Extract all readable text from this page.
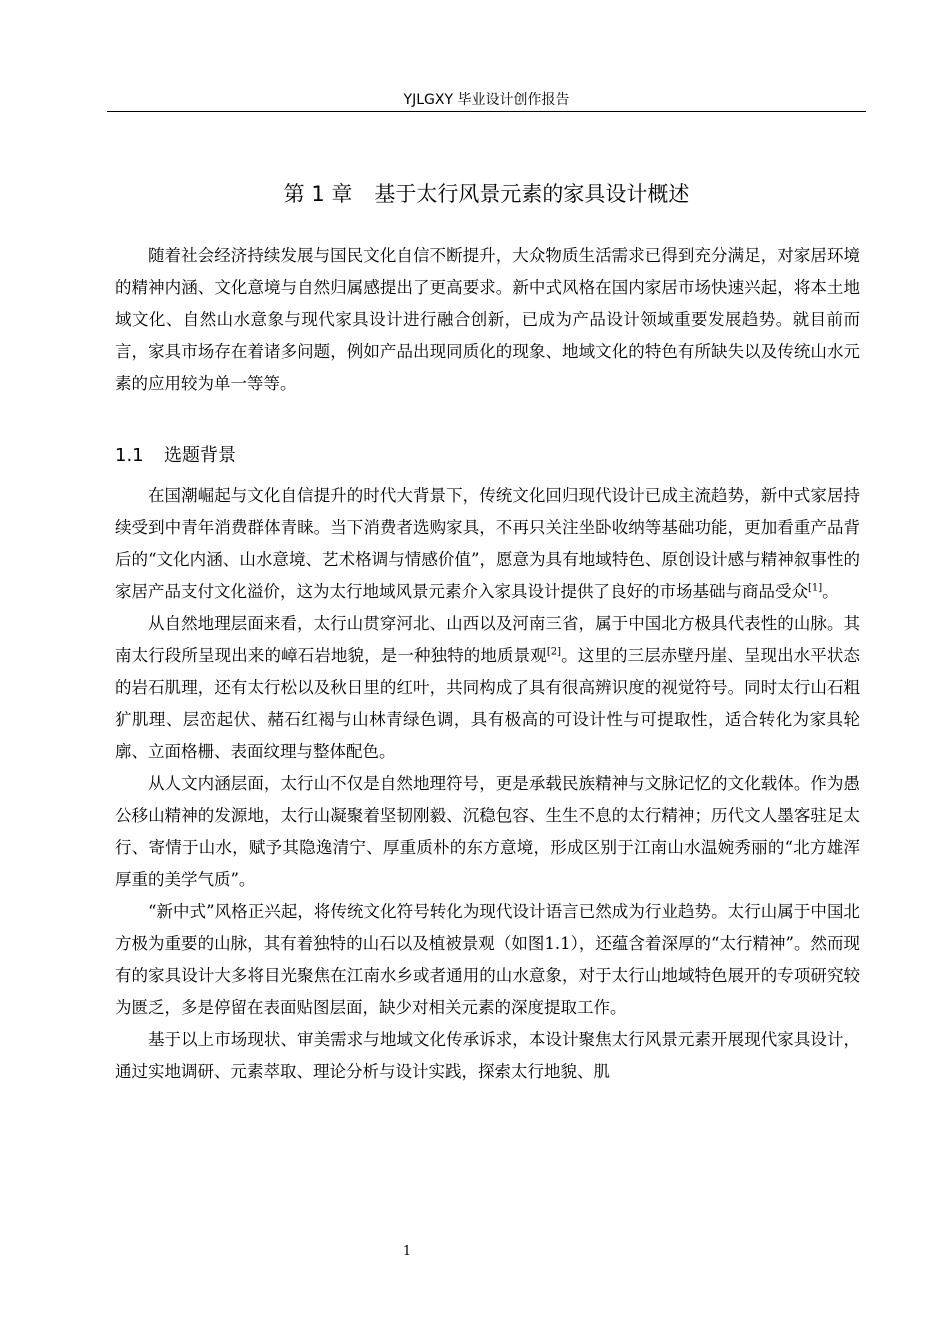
YJLGXY 毕业设计创作报告
第 1 章 基于太行风景元素的家具设计概述

随着社会经济持续发展与国民文化自信不断提升，大众物质生活需求已得到充分满足，对家居环境的精神内涵、文化意境与自然归属感提出了更高要求。新中式风格在国内家居市场快速兴起，将本土地域文化、自然山水意象与现代家具设计进行融合创新，已成为产品设计领域重要发展趋势。就目前而言，家具市场存在着诸多问题，例如产品出现同质化的现象、地域文化的特色有所缺失以及传统山水元素的应用较为单一等等。

1.1 选题背景

在国潮崛起与文化自信提升的时代大背景下，传统文化回归现代设计已成主流趋势，新中式家居持续受到中青年消费群体青睐。当下消费者选购家具，不再只关注坐卧收纳等基础功能，更加看重产品背后的“文化内涵、山水意境、艺术格调与情感价值”，愿意为具有地域特色、原创设计感与精神叙事性的家居产品支付文化溢价，这为太行地域风景元素介入家具设计提供了良好的市场基础与商品受众[1]。

从自然地理层面来看，太行山贯穿河北、山西以及河南三省，属于中国北方极具代表性的山脉。其南太行段所呈现出来的嶂石岩地貌，是一种独特的地质景观[2]。这里的三层赤壁丹崖、呈现出水平状态的岩石肌理，还有太行松以及秋日里的红叶，共同构成了具有很高辨识度的视觉符号。同时太行山石粗犷肌理、层峦起伏、赭石红褐与山林青绿色调，具有极高的可设计性与可提取性，适合转化为家具轮廓、立面格栅、表面纹理与整体配色。

从人文内涵层面，太行山不仅是自然地理符号，更是承载民族精神与文脉记忆的文化载体。作为愚公移山精神的发源地，太行山凝聚着坚韧刚毅、沉稳包容、生生不息的太行精神；历代文人墨客驻足太行、寄情于山水，赋予其隐逸清宁、厚重质朴的东方意境，形成区别于江南山水温婉秀丽的“北方雄浑厚重的美学气质”。

“新中式”风格正兴起，将传统文化符号转化为现代设计语言已然成为行业趋势。太行山属于中国北方极为重要的山脉，其有着独特的山石以及植被景观（如图1.1），还蕴含着深厚的“太行精神”。然而现有的家具设计大多将目光聚焦在江南水乡或者通用的山水意象，对于太行山地域特色展开的专项研究较为匮乏，多是停留在表面贴图层面，缺少对相关元素的深度提取工作。

基于以上市场现状、审美需求与地域文化传承诉求，本设计聚焦太行风景元素开展现代家具设计，通过实地调研、元素萃取、理论分析与设计实践，探索太行地貌、肌

1
